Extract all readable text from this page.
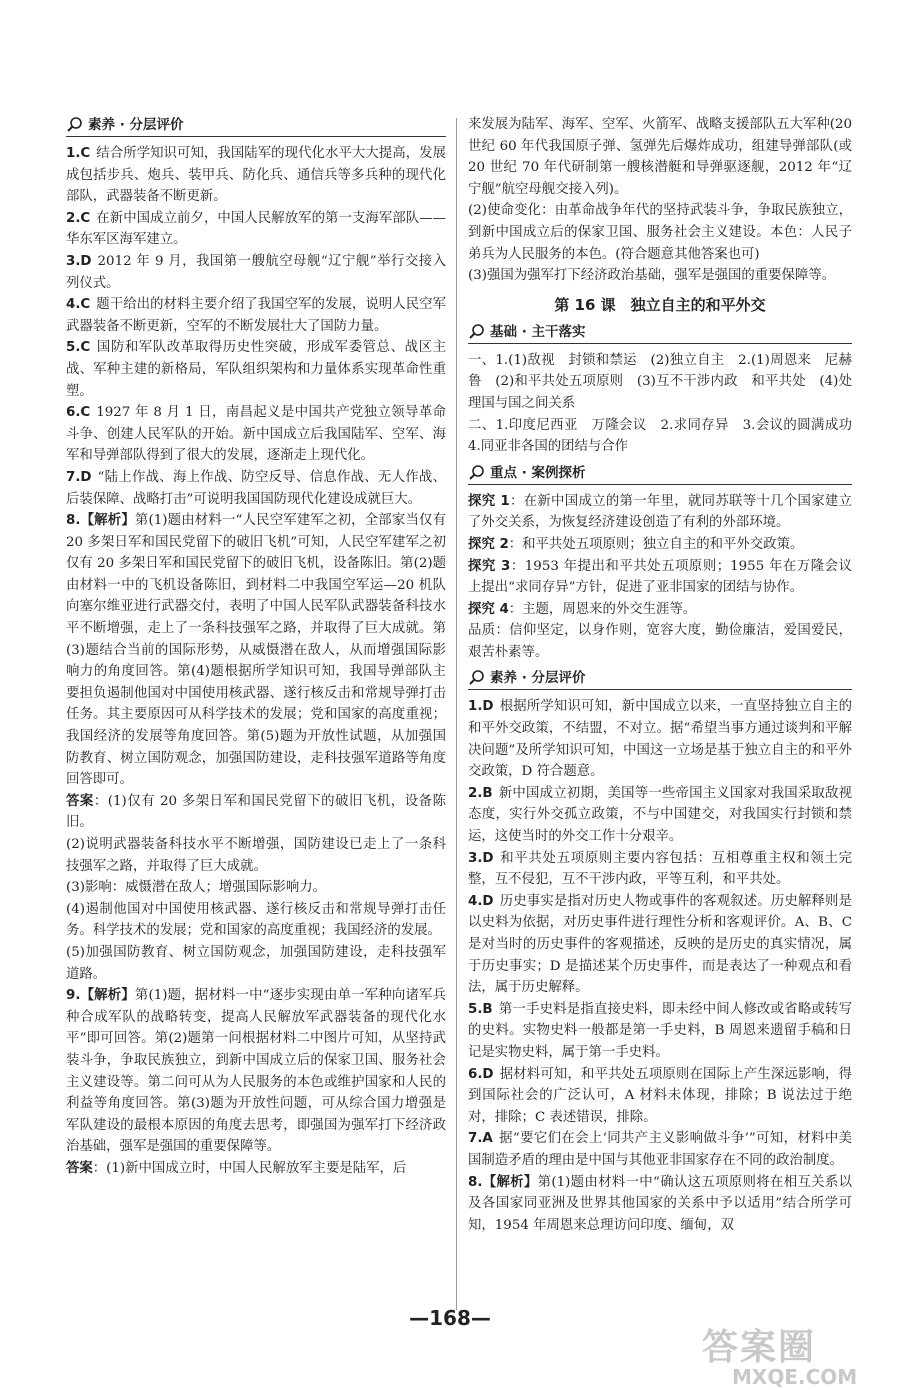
素养 · 分层评价

1.C 结合所学知识可知，我国陆军的现代化水平大大提高，发展成包括步兵、炮兵、装甲兵、防化兵、通信兵等多兵种的现代化部队，武器装备不断更新。

2.C 在新中国成立前夕，中国人民解放军的第一支海军部队——华东军区海军建立。

3.D 2012 年 9 月，我国第一艘航空母舰“辽宁舰”举行交接入列仪式。

4.C 题干给出的材料主要介绍了我国空军的发展，说明人民空军武器装备不断更新，空军的不断发展壮大了国防力量。

5.C 国防和军队改革取得历史性突破，形成军委管总、战区主战、军种主建的新格局，军队组织架构和力量体系实现革命性重塑。

6.C 1927 年 8 月 1 日，南昌起义是中国共产党独立领导革命斗争、创建人民军队的开始。新中国成立后我国陆军、空军、海军和导弹部队得到了很大的发展，逐渐走上现代化。

7.D “陆上作战、海上作战、防空反导、信息作战、无人作战、后装保障、战略打击”可说明我国国防现代化建设成就巨大。

8.【解析】第(1)题由材料一“人民空军建军之初，全部家当仅有 20 多架日军和国民党留下的破旧飞机”可知，人民空军建军之初仅有 20 多架日军和国民党留下的破旧飞机，设备陈旧。第(2)题由材料一中的飞机设备陈旧，到材料二中我国空军运—20 机队向塞尔维亚进行武器交付，表明了中国人民军队武器装备科技水平不断增强，走上了一条科技强军之路，并取得了巨大成就。第(3)题结合当前的国际形势，从威慑潜在敌人，从而增强国际影响力的角度回答。第(4)题根据所学知识可知，我国导弹部队主要担负遏制他国对中国使用核武器、遂行核反击和常规导弹打击任务。其主要原因可从科学技术的发展；党和国家的高度重视；我国经济的发展等角度回答。第(5)题为开放性试题，从加强国防教育、树立国防观念，加强国防建设，走科技强军道路等角度回答即可。

答案：(1)仅有 20 多架日军和国民党留下的破旧飞机，设备陈旧。

(2)说明武器装备科技水平不断增强，国防建设已走上了一条科技强军之路，并取得了巨大成就。

(3)影响：威慑潜在敌人；增强国际影响力。

(4)遏制他国对中国使用核武器、遂行核反击和常规导弹打击任务。科学技术的发展；党和国家的高度重视；我国经济的发展。

(5)加强国防教育、树立国防观念，加强国防建设，走科技强军道路。

9.【解析】第(1)题，据材料一中“逐步实现由单一军种向诸军兵种合成军队的战略转变，提高人民解放军武器装备的现代化水平”即可回答。第(2)题第一问根据材料二中图片可知，从坚持武装斗争，争取民族独立，到新中国成立后的保家卫国、服务社会主义建设等。第二问可从为人民服务的本色或维护国家和人民的利益等角度回答。第(3)题为开放性问题，可从综合国力增强是军队建设的最根本原因的角度去思考，即强国为强军打下经济政治基础，强军是强国的重要保障等。

答案：(1)新中国成立时，中国人民解放军主要是陆军，后

来发展为陆军、海军、空军、火箭军、战略支援部队五大军种(20 世纪 60 年代我国原子弹、氢弹先后爆炸成功，组建导弹部队(或 20 世纪 70 年代研制第一艘核潜艇和导弹驱逐舰，2012 年“辽宁舰”航空母舰交接入列)。

(2)使命变化：由革命战争年代的坚持武装斗争，争取民族独立，到新中国成立后的保家卫国、服务社会主义建设。本色：人民子弟兵为人民服务的本色。(符合题意其他答案也可)

(3)强国为强军打下经济政治基础，强军是强国的重要保障等。

第 16 课　独立自主的和平外交
基础 · 主干落实

一、1.(1)敌视　封锁和禁运　(2)独立自主　2.(1)周恩来　尼赫鲁　(2)和平共处五项原则　(3)互不干涉内政　和平共处　(4)处理国与国之间关系

二、1.印度尼西亚　万隆会议　2.求同存异　3.会议的圆满成功　4.同亚非各国的团结与合作

重点 · 案例探析

探究 1：在新中国成立的第一年里，就同苏联等十几个国家建立了外交关系，为恢复经济建设创造了有利的外部环境。

探究 2：和平共处五项原则；独立自主的和平外交政策。

探究 3：1953 年提出和平共处五项原则；1955 年在万隆会议上提出“求同存异”方针，促进了亚非国家的团结与协作。

探究 4：主题，周恩来的外交生涯等。

品质：信仰坚定，以身作则，宽容大度，勤俭廉洁，爱国爱民，艰苦朴素等。

素养 · 分层评价

1.D 根据所学知识可知，新中国成立以来，一直坚持独立自主的和平外交政策，不结盟，不对立。据“希望当事方通过谈判和平解决问题”及所学知识可知，中国这一立场是基于独立自主的和平外交政策，D 符合题意。

2.B 新中国成立初期，美国等一些帝国主义国家对我国采取敌视态度，实行外交孤立政策，不与中国建交，对我国实行封锁和禁运，这使当时的外交工作十分艰辛。

3.D 和平共处五项原则主要内容包括：互相尊重主权和领土完整，互不侵犯，互不干涉内政，平等互利，和平共处。

4.D 历史事实是指对历史人物或事件的客观叙述。历史解释则是以史料为依据，对历史事件进行理性分析和客观评价。A、B、C 是对当时的历史事件的客观描述，反映的是历史的真实情况，属于历史事实；D 是描述某个历史事件，而是表达了一种观点和看法，属于历史解释。

5.B 第一手史料是指直接史料，即未经中间人修改或省略或转写的史料。实物史料一般都是第一手史料，B 周恩来遗留手稿和日记是实物史料，属于第一手史料。

6.D 据材料可知，和平共处五项原则在国际上产生深远影响，得到国际社会的广泛认可，A 材料未体现，排除；B 说法过于绝对，排除；C 表述错误，排除。

7.A 据“要它们在会上‘同共产主义影响做斗争’”可知，材料中美国制造矛盾的理由是中国与其他亚非国家存在不同的政治制度。

8.【解析】第(1)题由材料一中“确认这五项原则将在相互关系以及各国家同亚洲及世界其他国家的关系中予以适用”结合所学可知，1954 年周恩来总理访问印度、缅甸，双

—168—
答案圈
MXQE.COM
